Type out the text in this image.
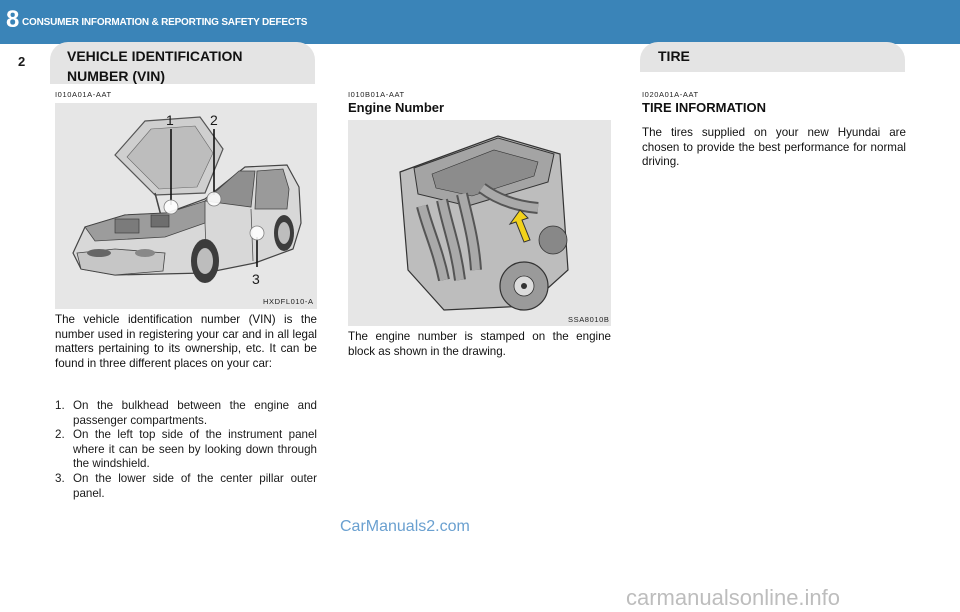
8 CONSUMER INFORMATION & REPORTING SAFETY DEFECTS
2	VEHICLE IDENTIFICATION
NUMBER (VIN)
TIRE
I010A01A-AAT
1	2
3
HXDFL010-A
The vehicle identification number (VIN) is the number used in registering your car and in all legal matters pertaining to its ownership, etc. It can be found in three different places on your car:
1. On the bulkhead between the engine and passenger compartments.
2. On the left top side of the instrument panel where it can be seen by looking down through the windshield.
3. On the lower side of the center pillar outer panel.
I010B01A-AAT
Engine Number
SSA8010B
The engine number is stamped on the engine block as shown in the drawing.
I020A01A-AAT
TIRE INFORMATION
The tires supplied on your new Hyundai are chosen to provide the best performance for normal driving.
CarManuals2.com
carmanualsonline.info
